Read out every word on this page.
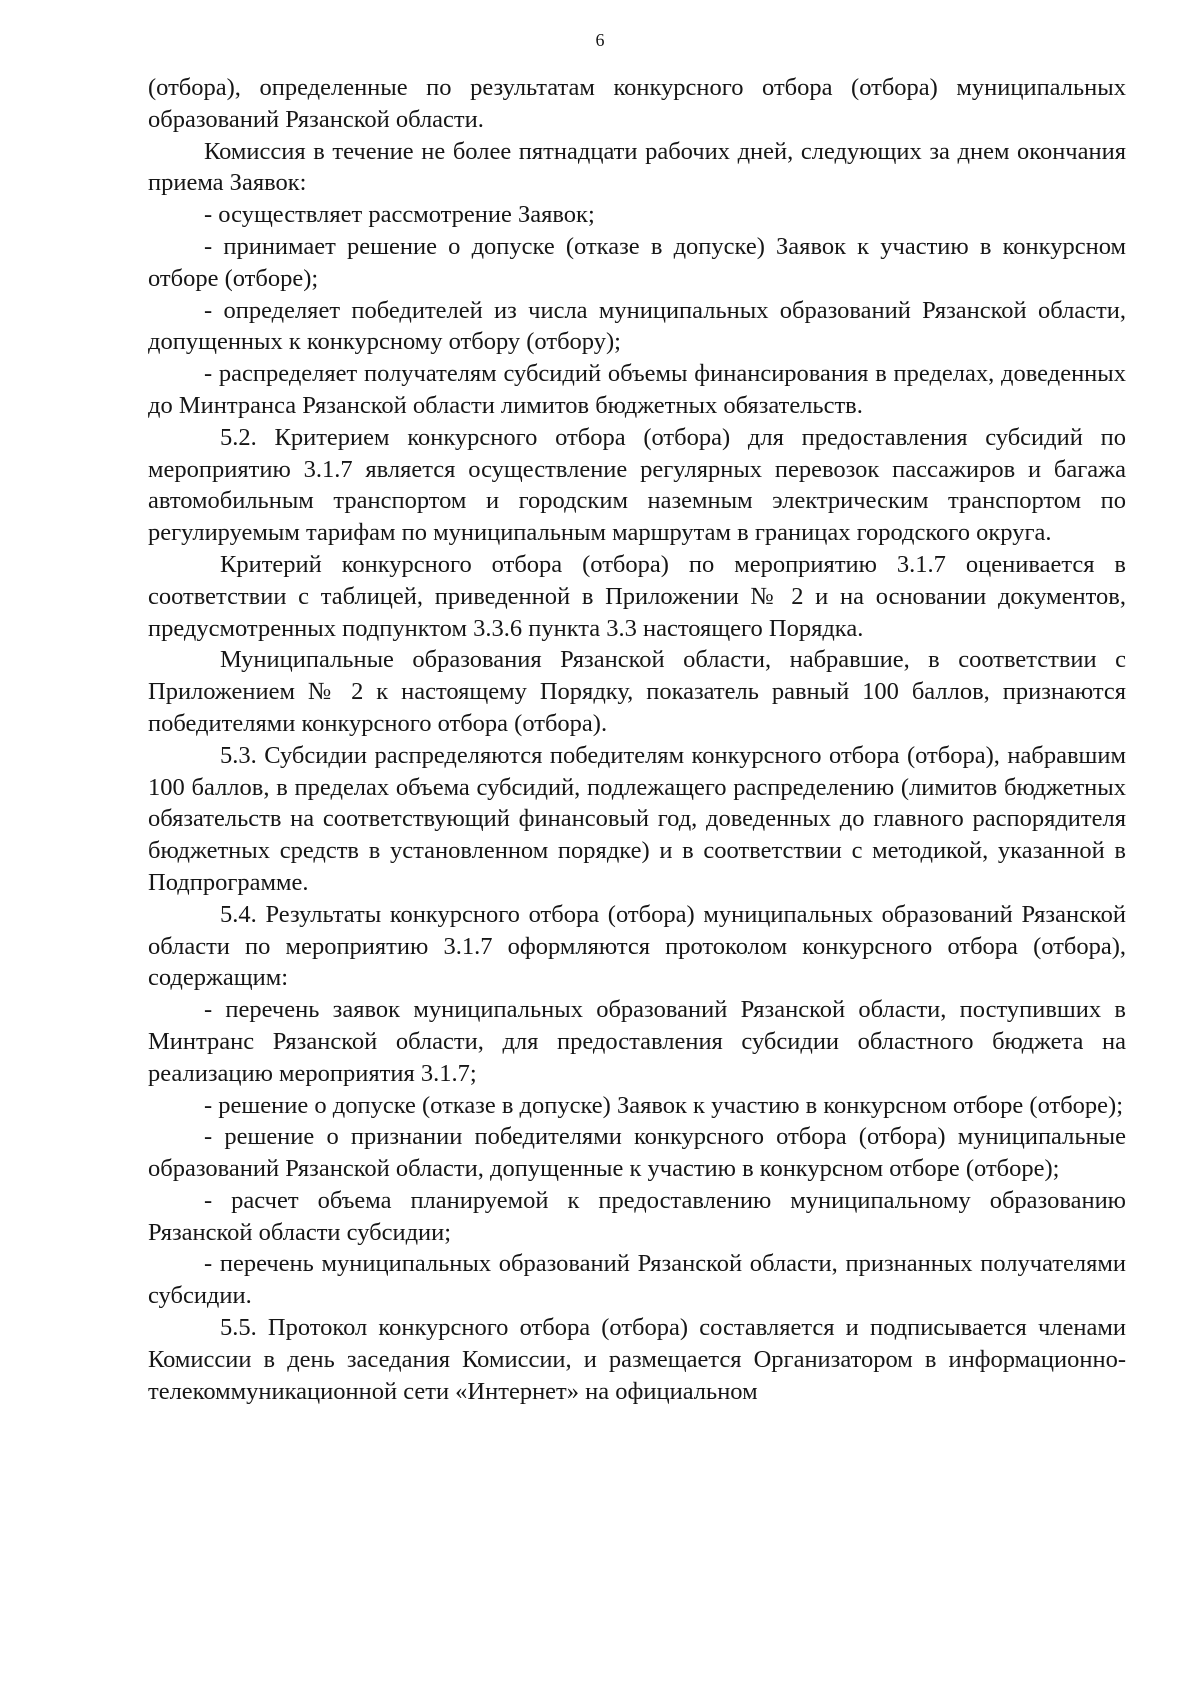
6

(отбора), определенные по результатам конкурсного отбора (отбора) муниципальных образований Рязанской области.

Комиссия в течение не более пятнадцати рабочих дней, следующих за днем окончания приема Заявок:

- осуществляет рассмотрение Заявок;

- принимает решение о допуске (отказе в допуске) Заявок к участию в конкурсном отборе (отборе);

- определяет победителей из числа муниципальных образований Рязанской области, допущенных к конкурсному отбору (отбору);

- распределяет получателям субсидий объемы финансирования в пределах, доведенных до Минтранса Рязанской области лимитов бюджетных обязательств.

5.2. Критерием конкурсного отбора (отбора) для предоставления субсидий по мероприятию 3.1.7 является осуществление регулярных перевозок пассажиров и багажа автомобильным транспортом и городским наземным электрическим транспортом по регулируемым тарифам по муниципальным маршрутам в границах городского округа.

Критерий конкурсного отбора (отбора) по мероприятию 3.1.7 оценивается в соответствии с таблицей, приведенной в Приложении № 2 и на основании документов, предусмотренных подпунктом 3.3.6 пункта 3.3 настоящего Порядка.

Муниципальные образования Рязанской области, набравшие, в соответствии с Приложением № 2 к настоящему Порядку, показатель равный 100 баллов, признаются победителями конкурсного отбора (отбора).

5.3. Субсидии распределяются победителям конкурсного отбора (отбора), набравшим 100 баллов, в пределах объема субсидий, подлежащего распределению (лимитов бюджетных обязательств на соответствующий финансовый год, доведенных до главного распорядителя бюджетных средств в установленном порядке) и в соответствии с методикой, указанной в Подпрограмме.

5.4. Результаты конкурсного отбора (отбора) муниципальных образований Рязанской области по мероприятию 3.1.7 оформляются протоколом конкурсного отбора (отбора), содержащим:

- перечень заявок муниципальных образований Рязанской области, поступивших в Минтранс Рязанской области, для предоставления субсидии областного бюджета на реализацию мероприятия 3.1.7;

- решение о допуске (отказе в допуске) Заявок к участию в конкурсном отборе (отборе);

- решение о признании победителями конкурсного отбора (отбора) муниципальные образований Рязанской области, допущенные к участию в конкурсном отборе (отборе);

- расчет объема планируемой к предоставлению муниципальному образованию Рязанской области субсидии;

- перечень муниципальных образований Рязанской области, признанных получателями субсидии.

5.5. Протокол конкурсного отбора (отбора) составляется и подписывается членами Комиссии в день заседания Комиссии, и размещается Организатором в информационно-телекоммуникационной сети «Интернет» на официальном
